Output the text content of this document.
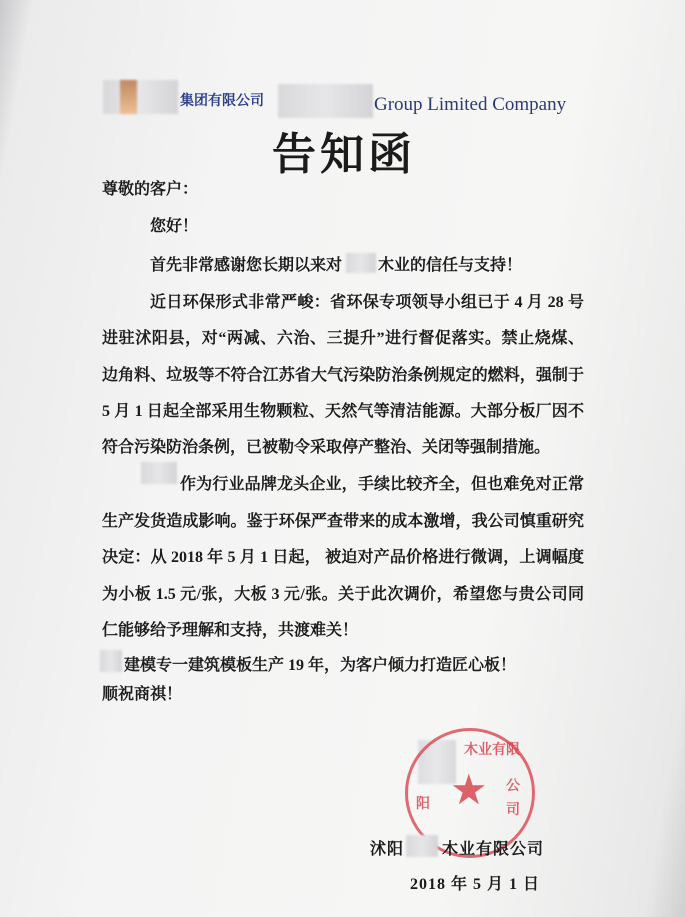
集团有限公司	Group Limited Company
告知函
尊敬的客户：
您好！
首先非常感谢您长期以来对 木业的信任与支持！
近日环保形式非常严峻：省环保专项领导小组已于 4 月 28 号
进驻沭阳县，对“两减、六治、三提升”进行督促落实。禁止烧煤、
边角料、垃圾等不符合江苏省大气污染防治条例规定的燃料，强制于
5 月 1 日起全部采用生物颗粒、天然气等清洁能源。大部分板厂因不
符合污染防治条例，已被勒令采取停产整治、关闭等强制措施。
作为行业品牌龙头企业，手续比较齐全，但也难免对正常
生产发货造成影响。鉴于环保严查带来的成本激增，我公司慎重研究
决定：从 2018 年 5 月 1 日起， 被迫对产品价格进行微调，上调幅度
为小板 1.5 元/张，大板 3 元/张。关于此次调价，希望您与贵公司同
仁能够给予理解和支持，共渡难关！
建模专一建筑模板生产 19 年，为客户倾力打造匠心板！
顺祝商祺！
★
木业有限
公
司
阳
沭阳 木业有限公司
2018 年 5 月 1 日
